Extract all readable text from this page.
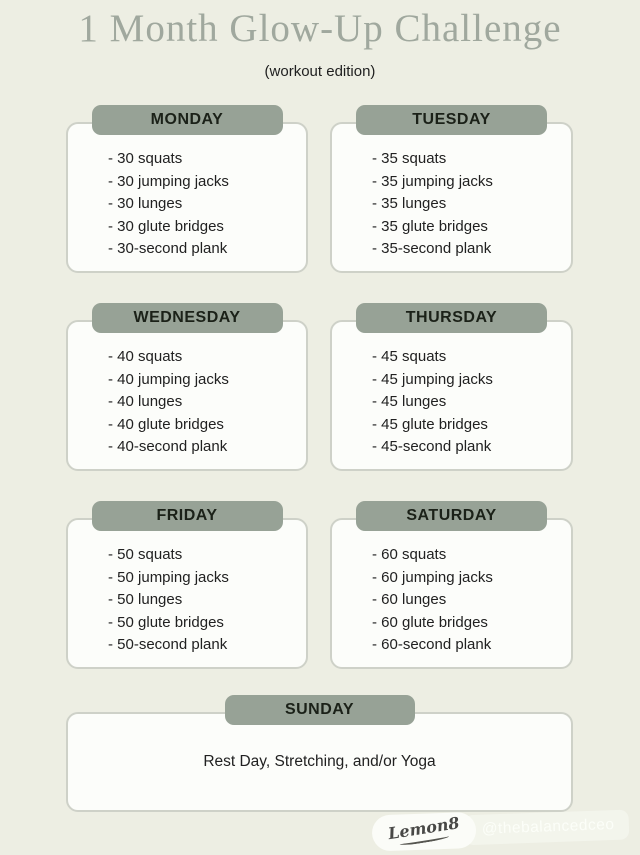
1 Month Glow-Up Challenge
(workout edition)
MONDAY
- 30 squats
- 30 jumping jacks
- 30 lunges
- 30 glute bridges
- 30-second plank
TUESDAY
- 35 squats
- 35 jumping jacks
- 35 lunges
- 35 glute bridges
- 35-second plank
WEDNESDAY
- 40 squats
- 40 jumping jacks
- 40 lunges
- 40 glute bridges
- 40-second plank
THURSDAY
- 45 squats
- 45 jumping jacks
- 45 lunges
- 45 glute bridges
- 45-second plank
FRIDAY
- 50 squats
- 50 jumping jacks
- 50 lunges
- 50 glute bridges
- 50-second plank
SATURDAY
- 60 squats
- 60 jumping jacks
- 60 lunges
- 60 glute bridges
- 60-second plank
SUNDAY
Rest Day, Stretching, and/or Yoga
Lemon8 @thebalancedceo
